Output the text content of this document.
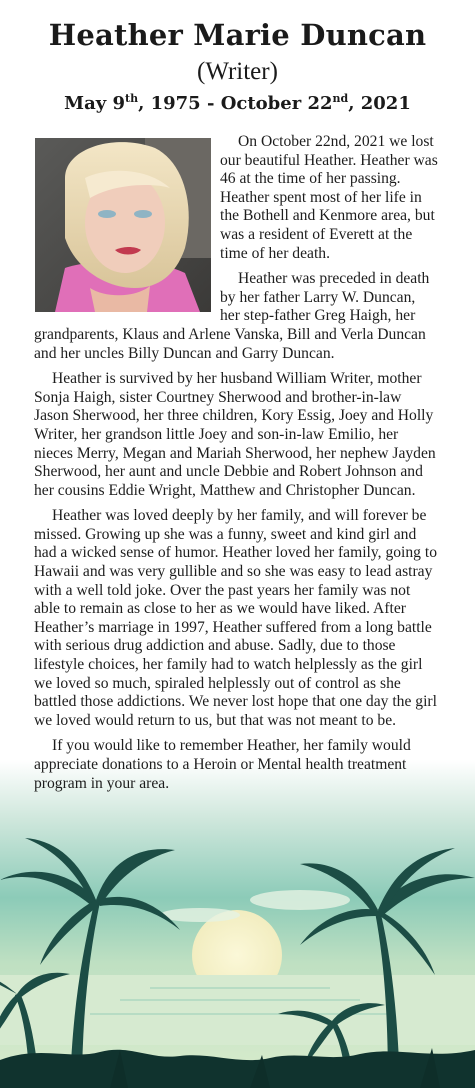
Heather Marie Duncan
(Writer)
May 9th, 1975 - October 22nd, 2021

On October 22nd, 2021 we lost our beautiful Heather. Heather was 46 at the time of her passing. Heather spent most of her life in the Bothell and Kenmore area, but was a resident of Everett at the time of her death.

Heather was preceded in death by her father Larry W. Duncan, her step-father Greg Haigh, her grandparents, Klaus and Arlene Vanska, Bill and Verla Duncan and her uncles Billy Duncan and Garry Duncan.

Heather is survived by her husband William Writer, mother Sonja Haigh, sister Courtney Sherwood and brother-in-law Jason Sherwood, her three children, Kory Essig, Joey and Holly Writer, her grandson little Joey and son-in-law Emilio, her nieces Merry, Megan and Mariah Sherwood, her nephew Jayden Sherwood, her aunt and uncle Debbie and Robert Johnson and her cousins Eddie Wright, Matthew and Christopher Duncan.

Heather was loved deeply by her family, and will forever be missed. Growing up she was a funny, sweet and kind girl and had a wicked sense of humor. Heather loved her family, going to Hawaii and was very gullible and so she was easy to lead astray with a well told joke. Over the past years her family was not able to remain as close to her as we would have liked. After Heather’s marriage in 1997, Heather suffered from a long battle with serious drug addiction and abuse. Sadly, due to those lifestyle choices, her family had to watch helplessly as the girl we loved so much, spiraled helplessly out of control as she battled those addictions. We never lost hope that one day the girl we loved would return to us, but that was not meant to be.

If you would like to remember Heather, her family would appreciate donations to a Heroin or Mental health treatment program in your area.
